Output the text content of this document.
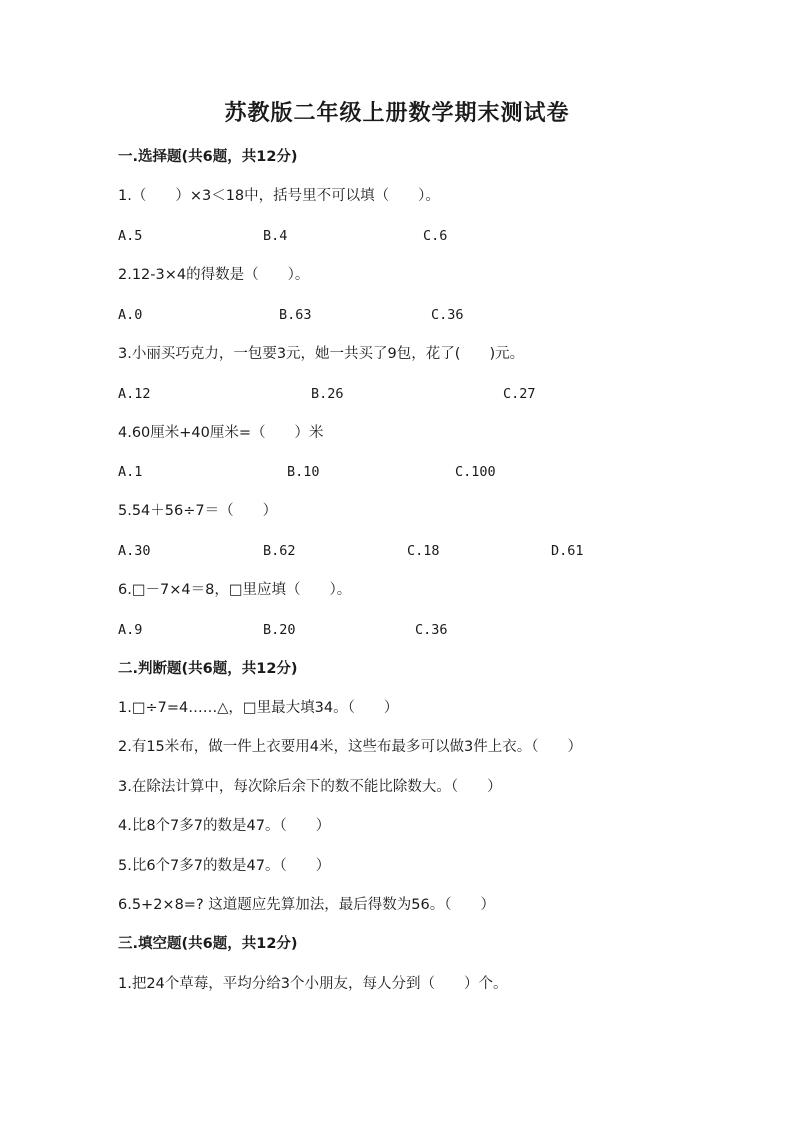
苏教版二年级上册数学期末测试卷
一.选择题(共6题，共12分)
1.（　　）×3＜18中，括号里不可以填（　　）。
A.5	B.4	C.6
2.12-3×4的得数是（　　）。
A.0	B.63	C.36
3.小丽买巧克力，一包要3元，她一共买了9包，花了(　　)元。
A.12	B.26	C.27
4.60厘米+40厘米=（　　）米
A.1	B.10	C.100
5.54＋56÷7＝（　　）
A.30	B.62	C.18	D.61
6.□－7×4＝8，□里应填（　　）。
A.9	B.20	C.36
二.判断题(共6题，共12分)
1.□÷7=4……△，□里最大填34。（　　）
2.有15米布，做一件上衣要用4米，这些布最多可以做3件上衣。（　　）
3.在除法计算中，每次除后余下的数不能比除数大。（　　）
4.比8个7多7的数是47。（　　）
5.比6个7多7的数是47。（　　）
6.5+2×8=? 这道题应先算加法，最后得数为56。（　　）
三.填空题(共6题，共12分)
1.把24个草莓，平均分给3个小朋友，每人分到（　　）个。
